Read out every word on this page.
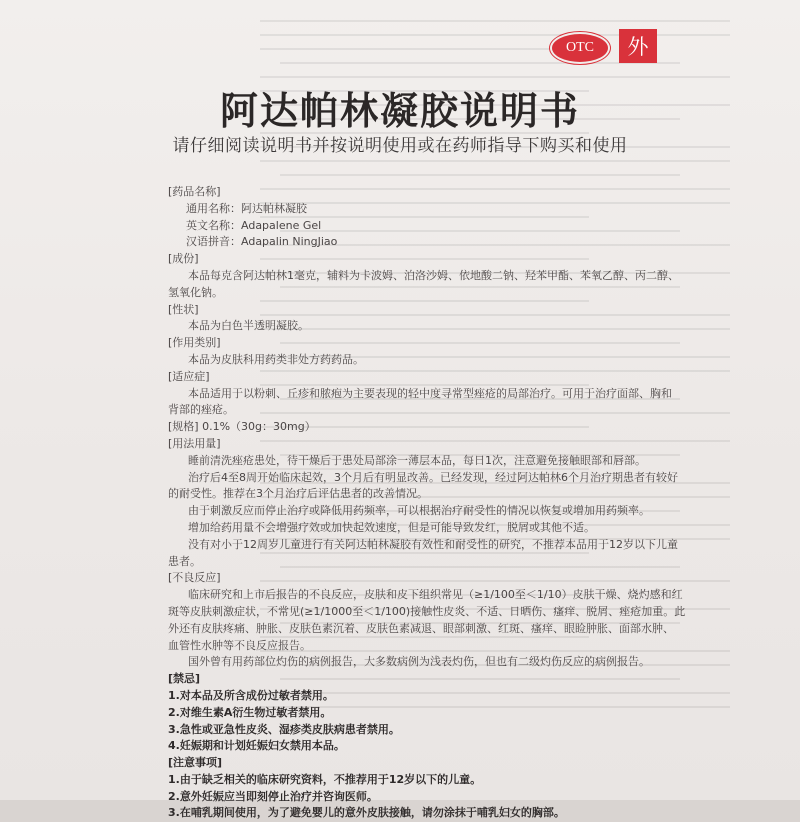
OTC	外
阿达帕林凝胶说明书
请仔细阅读说明书并按说明使用或在药师指导下购买和使用
[药品名称]
通用名称：阿达帕林凝胶
英文名称：Adapalene Gel
汉语拼音：Adapalin NingJiao
[成份]
本品每克含阿达帕林1毫克，辅料为卡波姆、泊洛沙姆、依地酸二钠、羟苯甲酯、苯氧乙醇、丙二醇、
氢氧化钠。
[性状]
本品为白色半透明凝胶。
[作用类别]
本品为皮肤科用药类非处方药药品。
[适应症]
本品适用于以粉刺、丘疹和脓疱为主要表现的轻中度寻常型痤疮的局部治疗。可用于治疗面部、胸和
背部的痤疮。
[规格] 0.1%（30g：30mg）
[用法用量]
睡前清洗痤疮患处，待干燥后于患处局部涂一薄层本品，每日1次，注意避免接触眼部和唇部。
治疗后4至8周开始临床起效，3个月后有明显改善。已经发现，经过阿达帕林6个月治疗期患者有较好
的耐受性。推荐在3个月治疗后评估患者的改善情况。
由于刺激反应而停止治疗或降低用药频率，可以根据治疗耐受性的情况以恢复或增加用药频率。
增加给药用量不会增强疗效或加快起效速度，但是可能导致发红，脱屑或其他不适。
没有对小于12周岁儿童进行有关阿达帕林凝胶有效性和耐受性的研究，不推荐本品用于12岁以下儿童
患者。
[不良反应]
临床研究和上市后报告的不良反应，皮肤和皮下组织常见（≥1/100至＜1/10）皮肤干燥、烧灼感和红
斑等皮肤刺激症状，不常见(≥1/1000至＜1/100)接触性皮炎、不适、日晒伤、瘙痒、脱屑、痤疮加重。此
外还有皮肤疼痛、肿胀、皮肤色素沉着、皮肤色素减退、眼部刺激、红斑、瘙痒、眼睑肿胀、面部水肿、
血管性水肿等不良反应报告。
国外曾有用药部位灼伤的病例报告，大多数病例为浅表灼伤，但也有二级灼伤反应的病例报告。
[禁忌]
1.对本品及所含成份过敏者禁用。
2.对维生素A衍生物过敏者禁用。
3.急性或亚急性皮炎、湿疹类皮肤病患者禁用。
4.妊娠期和计划妊娠妇女禁用本品。
[注意事项]
1.由于缺乏相关的临床研究资料，不推荐用于12岁以下的儿童。
2.意外妊娠应当即刻停止治疗并咨询医师。
3.在哺乳期间使用，为了避免婴儿的意外皮肤接触，请勿涂抹于哺乳妇女的胸部。
